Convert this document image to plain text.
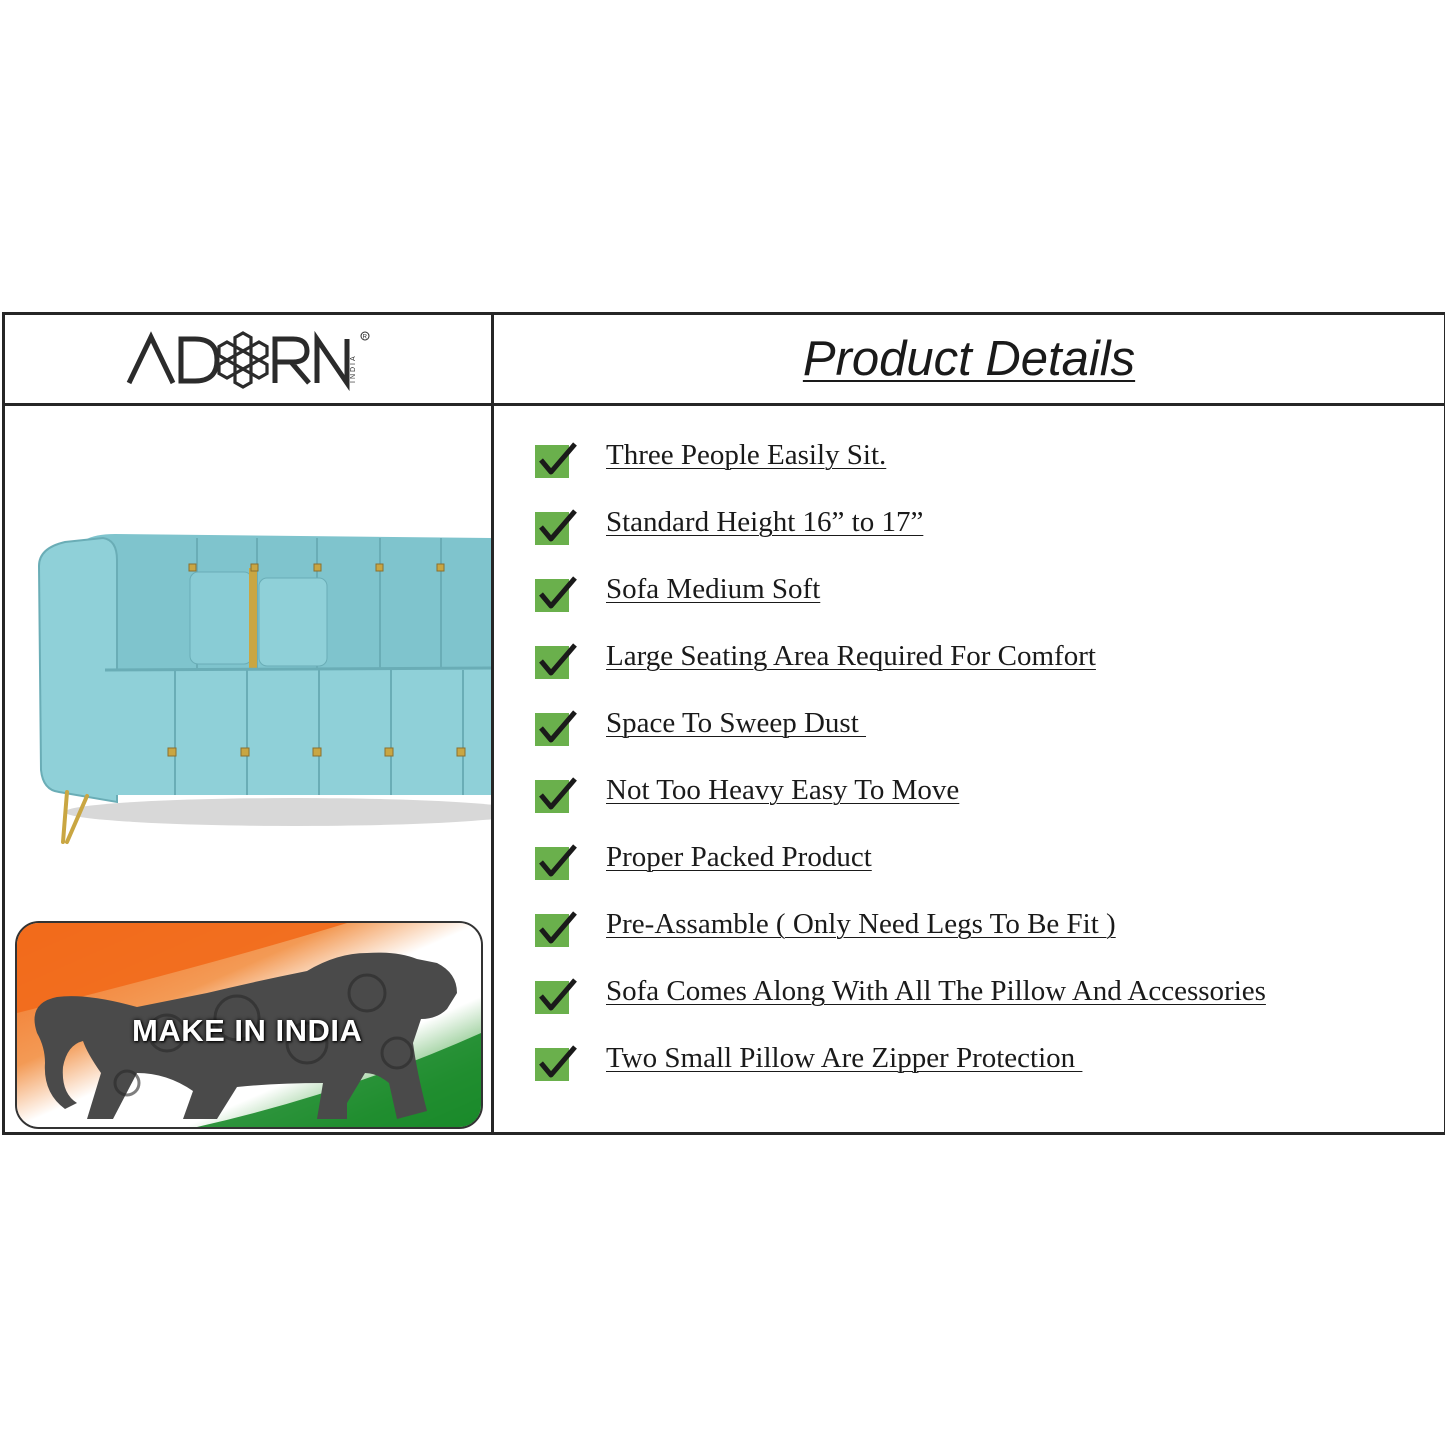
INDIA
R	Product Details
MAKE IN INDIA
Three People Easily Sit.
Standard Height 16” to 17”
Sofa Medium Soft
Large Seating Area Required For Comfort
Space To Sweep Dust
Not Too Heavy Easy To Move
Proper Packed Product
Pre-Assamble ( Only Need Legs To Be Fit )
Sofa Comes Along With All The Pillow And Accessories
Two Small Pillow Are Zipper Protection
